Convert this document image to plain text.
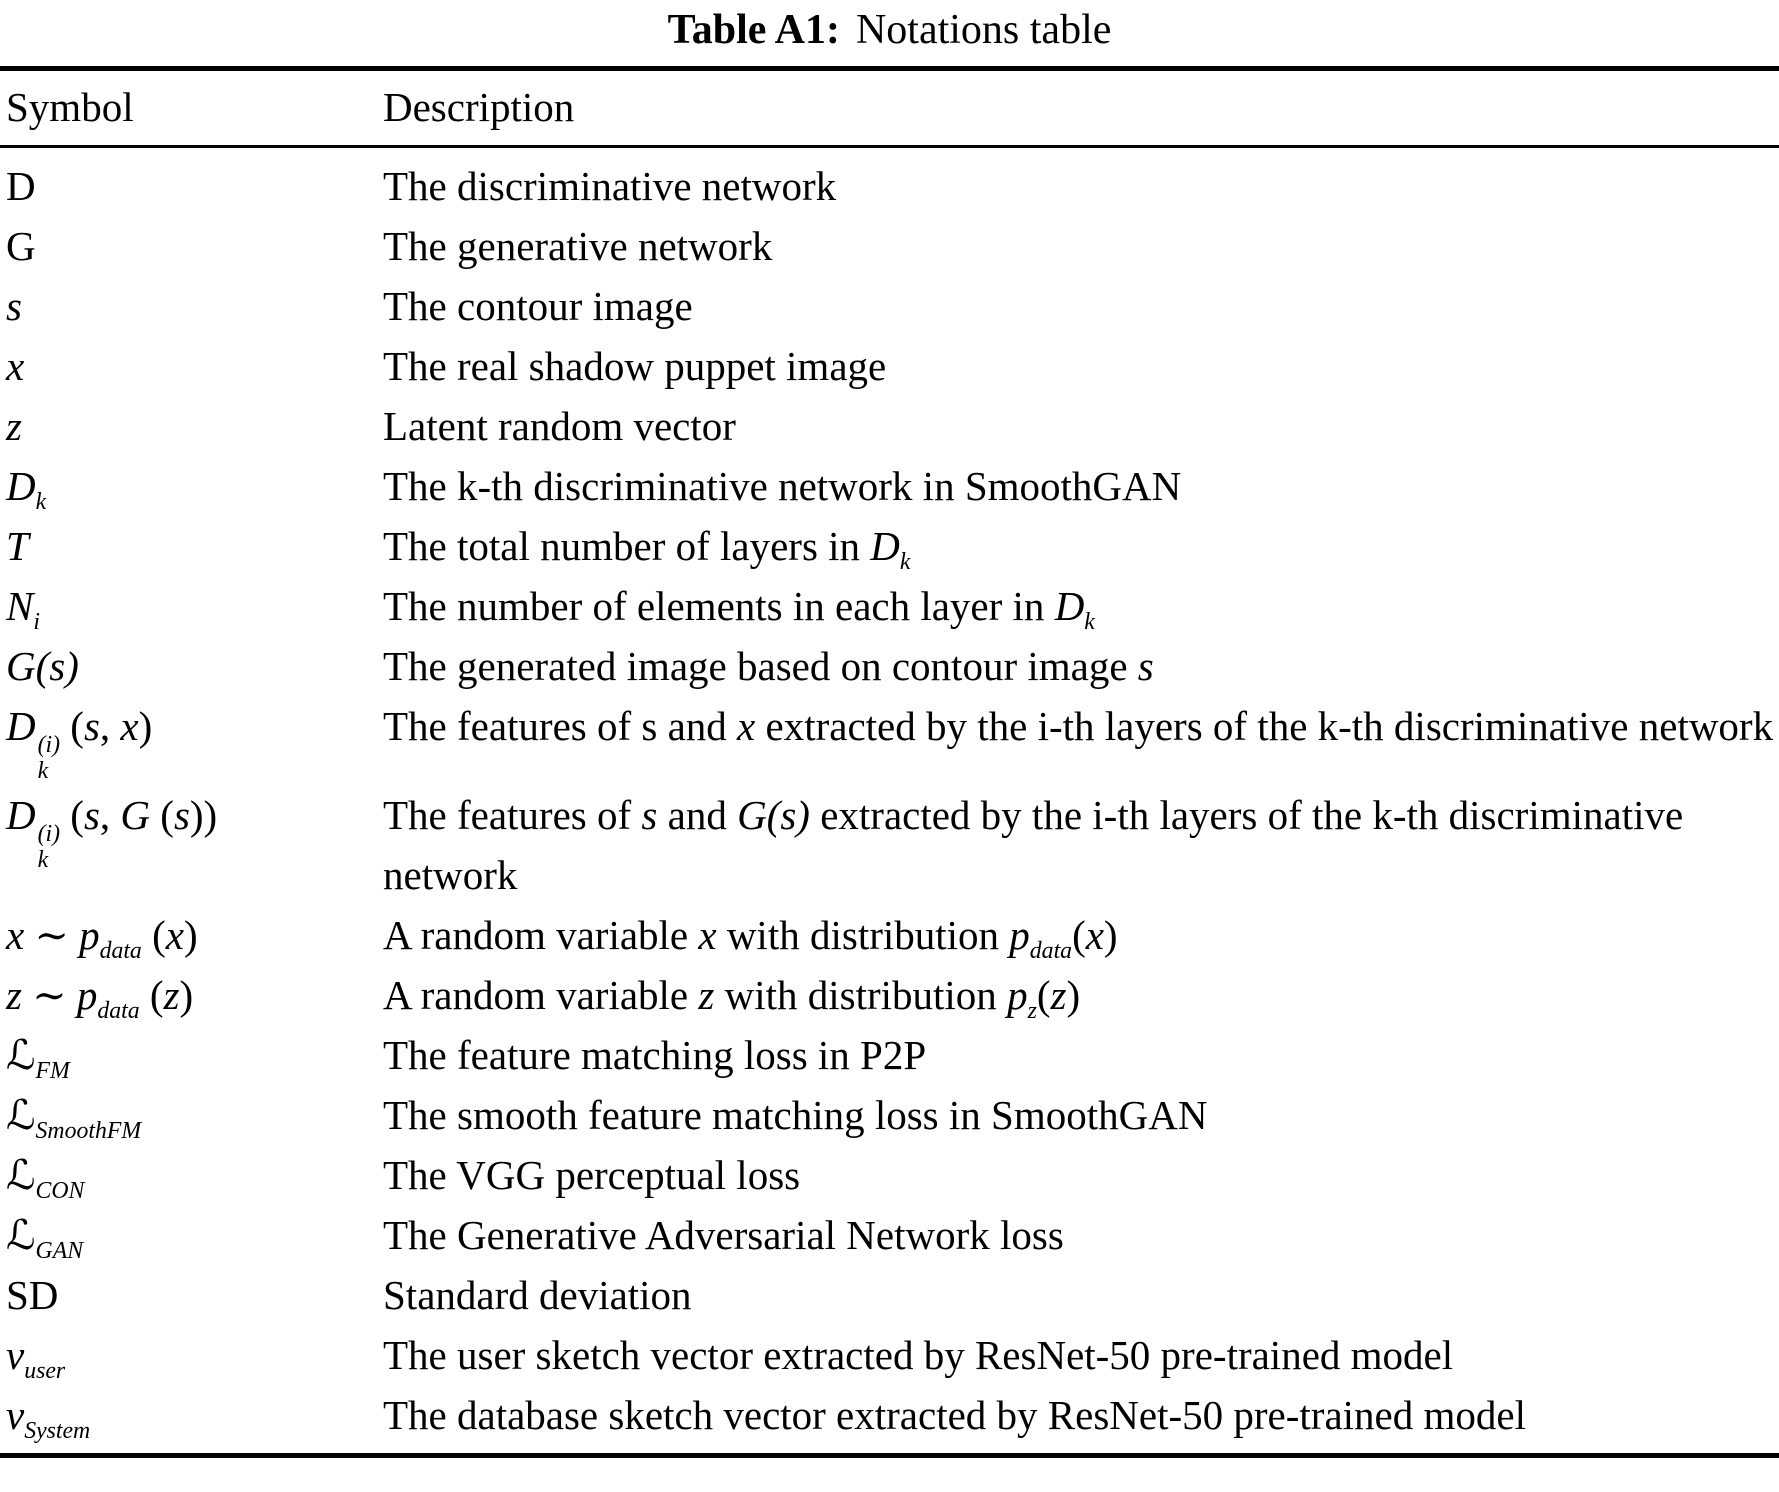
Table A1: Notations table
Symbol	Description
D	The discriminative network
G	The generative network
s	The contour image
x	The real shadow puppet image
z	Latent random vector
$D_k$	The k-th discriminative network in SmoothGAN
T	The total number of layers in $D_k$
$N_i$	The number of elements in each layer in $D_k$
G(s)	The generated image based on contour image s
D (i)
k
(s, x)	The features of s and x extracted by the i-th layers of the k-th discriminative network
D (i)
k
(s, G (s))	The features of s and G(s) extracted by the i-th layers of the k-th discriminative network
x ∼ $p_{data}$ (x)	A random variable x with distribution $p_{data}(x)$
z ∼ $p_{data}$ (z)	A random variable z with distribution $p_z(z)$
ℒ$_{FM}$	The feature matching loss in P2P
ℒ$_{SmoothFM}$	The smooth feature matching loss in SmoothGAN
ℒ$_{CON}$	The VGG perceptual loss
ℒ$_{GAN}$	The Generative Adversarial Network loss
SD	Standard deviation
$v_{user}$	The user sketch vector extracted by ResNet-50 pre-trained model
$v_{System}$	The database sketch vector extracted by ResNet-50 pre-trained model
